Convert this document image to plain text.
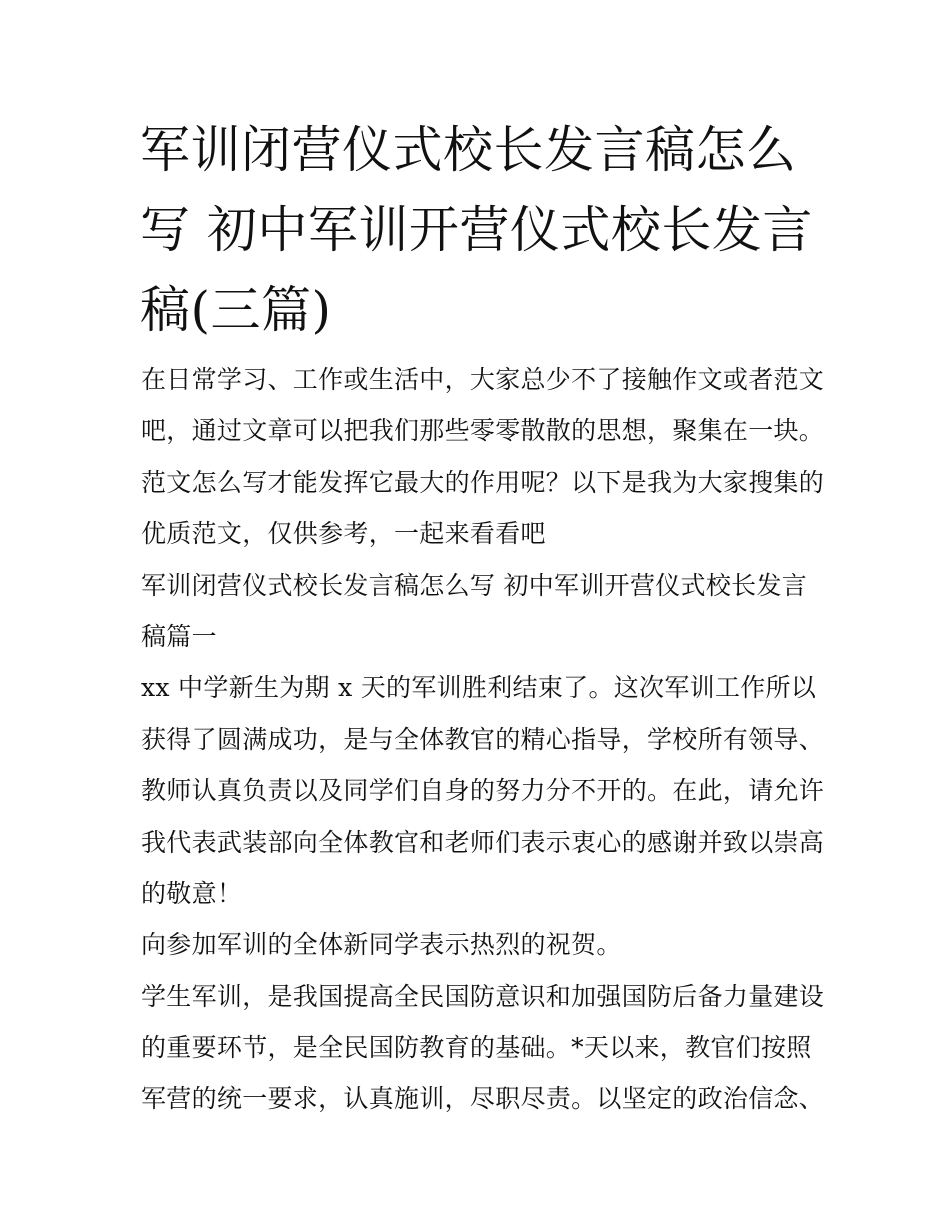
军训闭营仪式校长发言稿怎么
写 初中军训开营仪式校长发言
稿(三篇)
在日常学习、工作或生活中，大家总少不了接触作文或者范文
吧，通过文章可以把我们那些零零散散的思想，聚集在一块。
范文怎么写才能发挥它最大的作用呢？以下是我为大家搜集的
优质范文，仅供参考，一起来看看吧
军训闭营仪式校长发言稿怎么写 初中军训开营仪式校长发言
稿篇一
xx 中学新生为期 x 天的军训胜利结束了。这次军训工作所以
获得了圆满成功，是与全体教官的精心指导，学校所有领导、
教师认真负责以及同学们自身的努力分不开的。在此，请允许
我代表武装部向全体教官和老师们表示衷心的感谢并致以崇高
的敬意！
向参加军训的全体新同学表示热烈的祝贺。
学生军训，是我国提高全民国防意识和加强国防后备力量建设
的重要环节，是全民国防教育的基础。*天以来，教官们按照
军营的统一要求，认真施训，尽职尽责。以坚定的政治信念、
